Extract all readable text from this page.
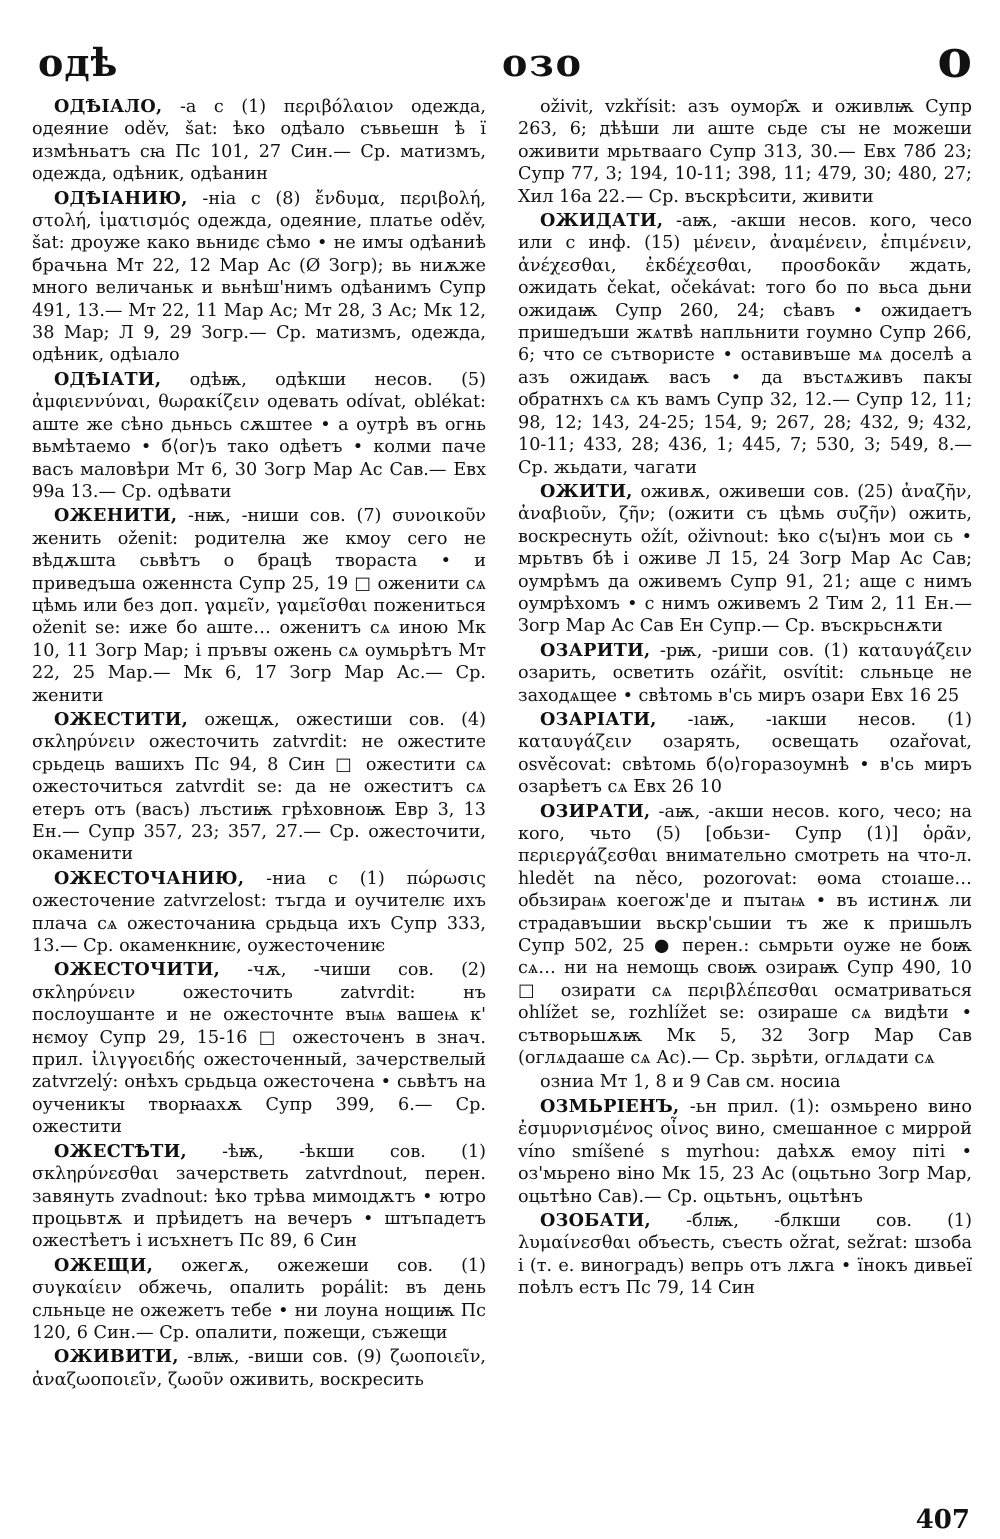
одѣ	озо	о

ОДѢIАЛО, -а с (1) περιβόλαιον одежда, одеяние oděv, šat: ѣко одѣало съвьешн ѣ ї измѣньатъ сꙗ Пс 101, 27 Син.— Ср. матизмъ, одежда, одѣник, одѣанин

ОДѢIАНИЮ, -ніа с (8) ἔνδυμα, περιβολή, στολή, ἱματισμός одежда, одеяние, платье oděv, šat: дроуже како вьнидє сѣмо • не имꙑ одѣаниѣ брачьна Мт 22, 12 Мар Ас (Ø Зогр); вь ниѫже много величаньк и вьнѣш'нимъ одѣанимъ Супр 491, 13.— Мт 22, 11 Мар Ас; Мт 28, 3 Ас; Мк 12, 38 Мар; Л 9, 29 Зогр.— Ср. матизмъ, одежда, одѣник, одѣıало

ОДѢIАТИ, одѣѭ, одѣкши несов. (5) ἀμφιεννύναι, θωρακίζειν одевать odívat, oblékat: аште же сѣно дьньсь сѫштее • а оутрѣ въ огнь вьмѣтаемо • б⟨ог⟩ъ тако одѣетъ • колми паче васъ маловѣри Мт 6, 30 Зогр Мар Ас Сав.— Евх 99а 13.— Ср. одѣвати

ОЖЕНИТИ, -нѭ, -ниши сов. (7) συνοικοῦν женить oženit: родителꙗ же кмоу сего не вѣдѫшта сьвѣтъ о брацѣ твораста • и приведъша оженнста Супр 25, 19 □ оженити сѧ цѣмь или без доп. γαμεῖν, γαμεῖσθαι пожениться oženit se: иже бо аште… оженитъ сѧ иною Мк 10, 11 Зогр Мар; і пръвꙑ ожень сѧ оумьрѣтъ Мт 22, 25 Мар.— Мк 6, 17 Зогр Мар Ас.— Ср. женити

ОЖЕСТИТИ, ожещѫ, ожестиши сов. (4) σκληρύνειν ожесточить zatvrdit: не ожестите срьдець вашихъ Пс 94, 8 Син □ ожестити сѧ ожесточиться zatvrdit se: да не ожеститъ сѧ етеръ отъ (васъ) лъстиѭ грѣховноѭ Евр 3, 13 Ен.— Супр 357, 23; 357, 27.— Ср. ожесточити, окаменити

ОЖЕСТОЧАНИЮ, -ниа с (1) πώρωσις ожесточение zatvrzelost: тъгда и оучителѥ ихъ плача сѧ ожесточаниꙗ срьдьца ихъ Супр 333, 13.— Ср. окаменкниѥ, оужесточениѥ

ОЖЕСТОЧИТИ, -чѫ, -чиши сов. (2) σκληρύνειν ожесточить zatvrdit: нъ послоушанте и не ожесточнте вꙑѩ вашеѩ к' нємоу Супр 29, 15-16 □ ожесточенъ в знач. прил. ἰλιγγοειδής ожесточенный, зачерствелый zatvrzelý: онѣхъ срьдьца ожесточена • сьвѣтъ на оученикꙑ творꙗахѫ Супр 399, 6.— Ср. ожестити

ОЖЕСТѢТИ, -ѣѭ, -ѣкши сов. (1) σκληρύνεσθαι зачерстветь zatvrdnout, перен. завянуть zvadnout: ѣко трѣва мимоıдѫтъ • ютро процьвтѫ и прѣидетъ на вечеръ • штъпадетъ ожестѣетъ і исъхнетъ Пс 89, 6 Син

ОЖЕЩИ, ожегѫ, ожежеши сов. (1) συγκαίειν обжечь, опалить popálit: въ день сльньце не ожежетъ тебе • ни лоуна нощиѭ Пс 120, 6 Син.— Ср. опалити, пожещи, съжещи

ОЖИВИТИ, -влѭ, -виши сов. (9) ζωοποιεῖν, ἀναζωοποιεῖν, ζωοῦν оживить, воскресить

oživit, vzkřísit: азъ оумор҄ѫ и оживлѭ Супр 263, 6; дѣѣши ли аште сьде сꙑ не можеши оживити мрьтвааго Супр 313, 30.— Евх 78б 23; Супр 77, 3; 194, 10-11; 398, 11; 479, 30; 480, 27; Хил 16а 22.— Ср. въскрѣсити, живити

ОЖИДАТИ, -аѭ, -акши несов. кого, чесо или с инф. (15) μένειν, ἀναμένειν, ἐπιμένειν, ἀνέχεσθαι, ἐκδέχεσθαι, προσδοκᾶν ждать, ожидать čekat, očekávat: того бо по вьса дьни ожидаѭ Супр 260, 24; сѣавъ • ожидаетъ пришедъши жѧтвѣ напльнити гоумно Супр 266, 6; что се сътвористе • оставивъше мѧ доселѣ а азъ ожидаѭ васъ • да въстѧживъ пакꙑ обратнхъ сѧ къ вамъ Супр 32, 12.— Супр 12, 11; 98, 12; 143, 24-25; 154, 9; 267, 28; 432, 9; 432, 10-11; 433, 28; 436, 1; 445, 7; 530, 3; 549, 8.— Ср. жьдати, чагати

ОЖИТИ, оживѫ, оживеши сов. (25) ἀναζῆν, ἀναβιοῦν, ζῆν; (ожити съ цѣмь συζῆν) ожить, воскреснуть ožít, oživnout: ѣко с⟨ꙑ⟩нъ мои сь • мрьтвъ бѣ і оживе Л 15, 24 Зогр Мар Ас Сав; оумрѣмъ да оживемъ Супр 91, 21; аще с нимъ оумрѣхомъ • с нимъ оживемъ 2 Тим 2, 11 Ен.— Зогр Мар Ас Сав Ен Супр.— Ср. въскрьснѫти

ОЗАРИТИ, -рѭ, -риши сов. (1) καταυγάζειν озарить, осветить ozářit, osvítit: сльньце не заходѧщее • свѣтомь в'сь миръ озари Евх 16 25

ОЗАРIАТИ, -ıаѭ, -ıакши несов. (1) καταυγάζειν озарять, освещать ozařovat, osvěcovat: свѣтомь б⟨о⟩горазоумнѣ • в'сь миръ озарѣетъ сѧ Евх 26 10

ОЗИРАТИ, -аѭ, -акши несов. кого, чесо; на кого, чьто (5) [обьзи- Супр (1)] ὁρᾶν, περιεργάζεσθαι внимательно смотреть на что-л. hledět na něco, pozorovat: ѳома стоıаше… обьзираѩ коегож'де и пꙑтаѩ • въ истинѫ ли страдавъшии вьскр'сьшии тъ же к пришьлъ Супр 502, 25 ● перен.: сьмрьти оуже не боѭ сѧ… ни на немощь своѭ озираѭ Супр 490, 10 □ озирати сѧ περιβλέπεσθαι осматриваться ohlížet se, rozhlížet se: озираше сѧ видѣти • сътворьшѫѭ Мк 5, 32 Зогр Мар Сав (оглѧдааше сѧ Ас).— Ср. зьрѣти, оглѧдати сѧ

озниа Мт 1, 8 и 9 Сав см. носиıа

ОЗМЬРIЕНЪ, -ьн прил. (1): озмьрено вино ἐσμυρνισμένος οἶνος вино, смешанное с миррой víno smíšené s myrhou: даѣхѫ емоу піті • оз'мьрено віно Мк 15, 23 Ас (оцьтьно Зогр Мар, оцьтѣно Сав).— Ср. оцьтьнъ, оцьтѣнъ

ОЗОБАТИ, -блѭ, -блкши сов. (1) λυμαίνεσθαι объесть, съесть ožrat, sežrat: шзоба і (т. е. виноградъ) вепрь отъ лѫга • їнокъ дивьеї поѣлъ естъ Пс 79, 14 Син

407
